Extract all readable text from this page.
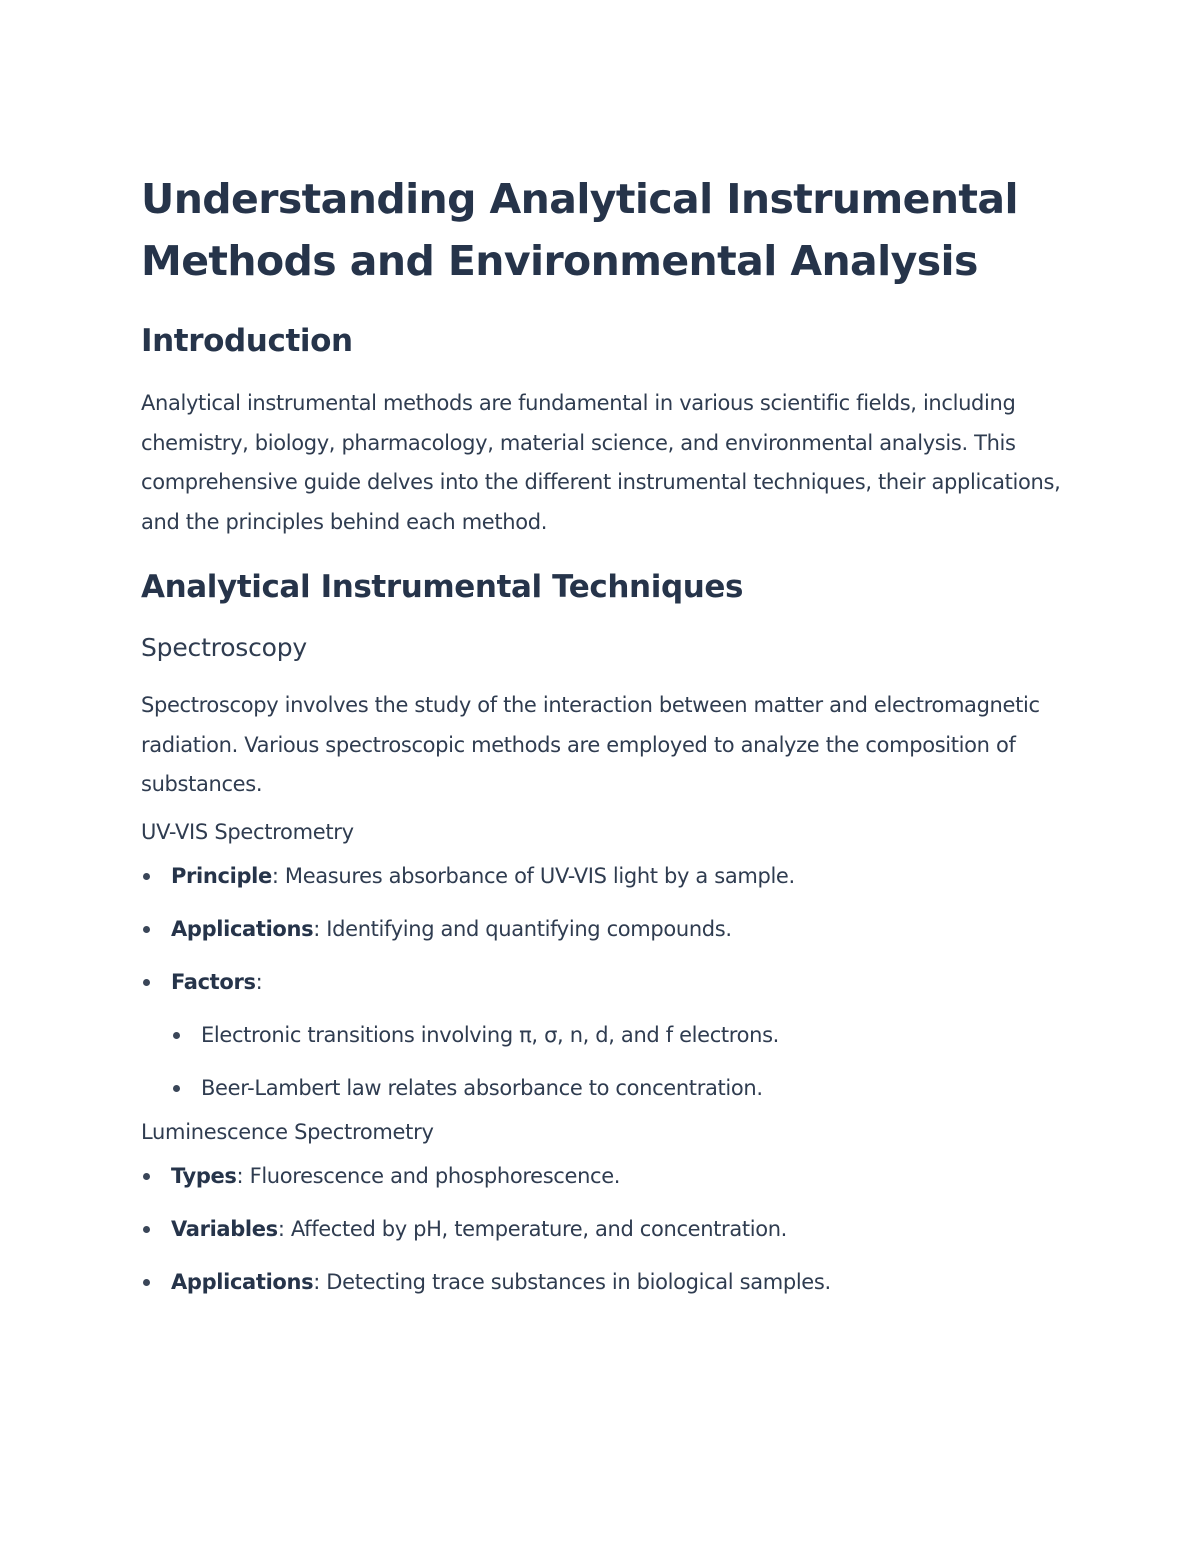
Understanding Analytical Instrumental Methods and Environmental Analysis
Introduction

Analytical instrumental methods are fundamental in various scientific fields, including chemistry, biology, pharmacology, material science, and environmental analysis. This comprehensive guide delves into the different instrumental techniques, their applications, and the principles behind each method.

Analytical Instrumental Techniques
Spectroscopy

Spectroscopy involves the study of the interaction between matter and electromagnetic radiation. Various spectroscopic methods are employed to analyze the composition of substances.

UV-VIS Spectrometry
Principle: Measures absorbance of UV-VIS light by a sample.
Applications: Identifying and quantifying compounds.
Factors:
Electronic transitions involving π, σ, n, d, and f electrons.
Beer-Lambert law relates absorbance to concentration.
Luminescence Spectrometry
Types: Fluorescence and phosphorescence.
Variables: Affected by pH, temperature, and concentration.
Applications: Detecting trace substances in biological samples.
